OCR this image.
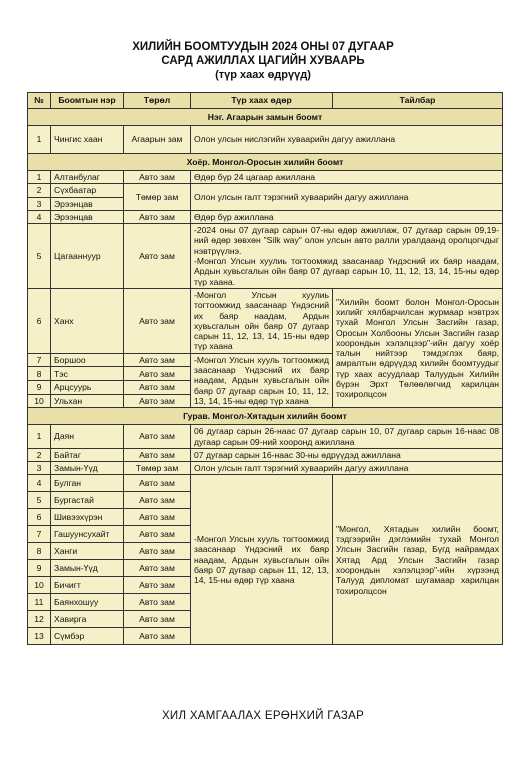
ХИЛИЙН БООМТУУДЫН 2024 ОНЫ 07 ДУГААР
САРД АЖИЛЛАХ ЦАГИЙН ХУВААРЬ
(түр хаах өдрүүд)
№	Боомтын нэр	Төрөл	Түр хаах өдөр	Тайлбар
Нэг. Агаарын замын боомт				
1	Чингис хаан	Агаарын зам	Олон улсын нислэгийн хуваарийн дагуу ажиллана	
Хоёр. Монгол-Оросын хилийн боомт				
1	Алтанбулаг	Авто зам	Өдөр бүр 24 цагаар ажиллана	
2	Сүхбаатар	Төмөр зам	Олон улсын галт тэрэгний хуваарийн дагуу ажиллана	
3	Эрээнцав			
4	Эрээнцав	Авто зам	Өдөр бүр ажиллана	
5	Цагааннуур	Авто зам	-2024 оны 07 дугаар сарын 07-ны өдөр ажиллаж, 07 дугаар сарын 09,19-ний өдөр зөвхөн "Silk way" олон улсын авто ралли уралдаанд оролцогчдыг нэвтрүүлнэ.
-Монгол Улсын хуулиь тогтоомжид заасанаар Үндэсний их баяр наадам, Ардын хувьсгалын ойн баяр 07 дугаар сарын 10, 11, 12, 13, 14, 15-ны өдөр түр хаана.	
6	Ханх	Авто зам	-Монгол Улсын хуулиь тогтоомжид заасанаар Үндэсний их баяр наадам, Ардын хувьсгалын ойн баяр 07 дугаар сарын 11, 12, 13, 14, 15-ны өдөр түр хаана	"Хилийн боомт болон Монгол-Оросын хилийг хялбарчилсан журмаар нэвтрэх тухай Монгол Улсын Засгийн газар, Оросын Холбооны Улсын Засгийн газар хоорондын хэлэлцээр"-ийн дагуу хоёр талын нийтээр тэмдэглэх баяр, амралтын өдрүүдэд хилийн боомтуудыг түр хаах асуудлаар Талуудын Хилийн бүрэн Эрхт Төлөөлөгчид харилцан тохиролцсон
7	Боршоо	Авто зам	-Монгол Улсын хууль тогтоомжид заасанаар Үндэсний их баяр наадам, Ардын хувьсгалын ойн баяр 07 дугаар сарын 10, 11, 12, 13, 14, 15-ны өдөр түр хаана	
8	Тэс	Авто зам		
9	Арцсуурь	Авто зам		
10	Ульхан	Авто зам		
Гурав. Монгол-Хятадын хилийн боомт				
1	Даян	Авто зам	06 дугаар сарын 26-наас 07 дугаар сарын 10, 07 дугаар сарын 16-наас 08 дугаар сарын 09-ний хооронд ажиллана	
2	Байтаг	Авто зам	07 дугаар сарын 16-наас 30-ны өдрүүдэд ажиллана	
3	Замын-Үүд	Төмөр зам	Олон улсын галт тэрэгний хуваарийн дагуу ажиллана	
4	Булган	Авто зам	-Монгол Улсын хууль тогтоомжид заасанаар Үндэсний их баяр наадам, Ардын хувьсгалын ойн баяр 07 дугаар сарын 11, 12, 13, 14, 15-ны өдөр түр хаана	"Монгол, Хятадын хилийн боомт, тэдгээрийн дэглэмийн тухай Монгол Улсын Засгийн газар, Бүгд найрамдах Хятад Ард Улсын Засгийн газар хоорондын хэлэлцээр"-ийн хүрээнд Талууд дипломат шугамаар харилцан тохиролцсон
5	Бургастай	Авто зам		
6	Шивээхүрэн	Авто зам		
7	Гашуунсухайт	Авто зам		
8	Ханги	Авто зам		
9	Замын-Үүд	Авто зам		
10	Бичигт	Авто зам		
11	Баянхошуу	Авто зам		
12	Хавирга	Авто зам		
13	Сүмбэр	Авто зам		
ХИЛ ХАМГААЛАХ ЕРӨНХИЙ ГАЗАР
